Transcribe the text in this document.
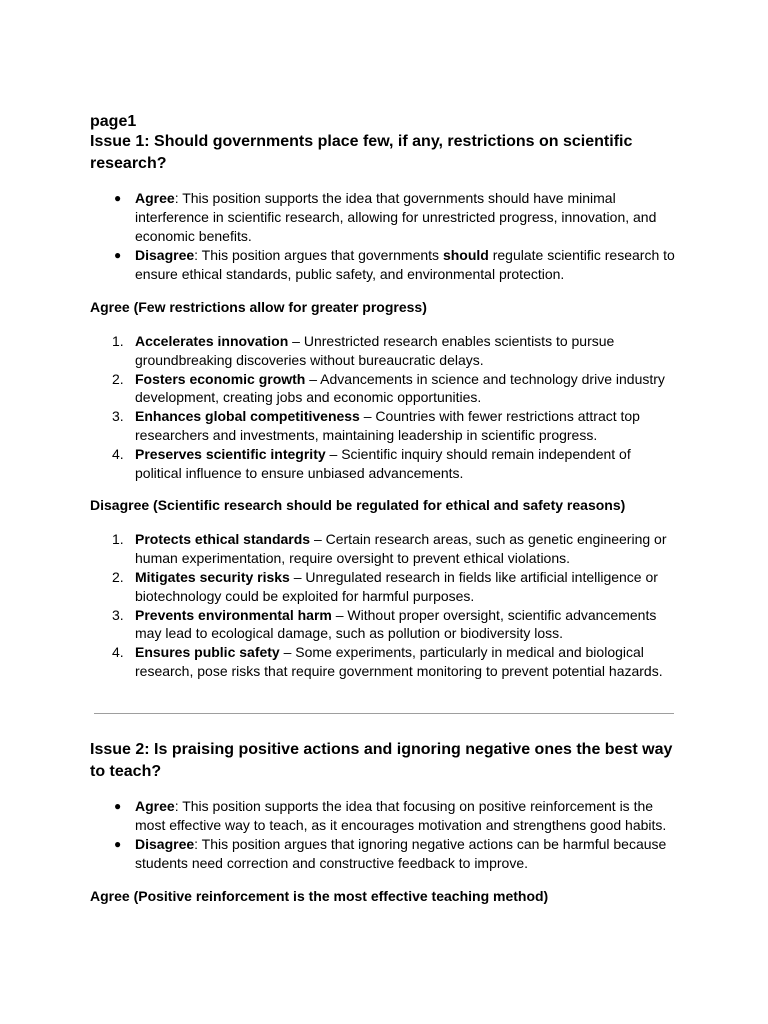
page1

Issue 1: Should governments place few, if any, restrictions on scientific research?

● Agree: This position supports the idea that governments should have minimal interference in scientific research, allowing for unrestricted progress, innovation, and economic benefits.
● Disagree: This position argues that governments should regulate scientific research to ensure ethical standards, public safety, and environmental protection.

Agree (Few restrictions allow for greater progress)

1. Accelerates innovation – Unrestricted research enables scientists to pursue groundbreaking discoveries without bureaucratic delays.
2. Fosters economic growth – Advancements in science and technology drive industry development, creating jobs and economic opportunities.
3. Enhances global competitiveness – Countries with fewer restrictions attract top researchers and investments, maintaining leadership in scientific progress.
4. Preserves scientific integrity – Scientific inquiry should remain independent of political influence to ensure unbiased advancements.

Disagree (Scientific research should be regulated for ethical and safety reasons)

1. Protects ethical standards – Certain research areas, such as genetic engineering or human experimentation, require oversight to prevent ethical violations.
2. Mitigates security risks – Unregulated research in fields like artificial intelligence or biotechnology could be exploited for harmful purposes.
3. Prevents environmental harm – Without proper oversight, scientific advancements may lead to ecological damage, such as pollution or biodiversity loss.
4. Ensures public safety – Some experiments, particularly in medical and biological research, pose risks that require government monitoring to prevent potential hazards.

Issue 2: Is praising positive actions and ignoring negative ones the best way to teach?

● Agree: This position supports the idea that focusing on positive reinforcement is the most effective way to teach, as it encourages motivation and strengthens good habits.
● Disagree: This position argues that ignoring negative actions can be harmful because students need correction and constructive feedback to improve.

Agree (Positive reinforcement is the most effective teaching method)
